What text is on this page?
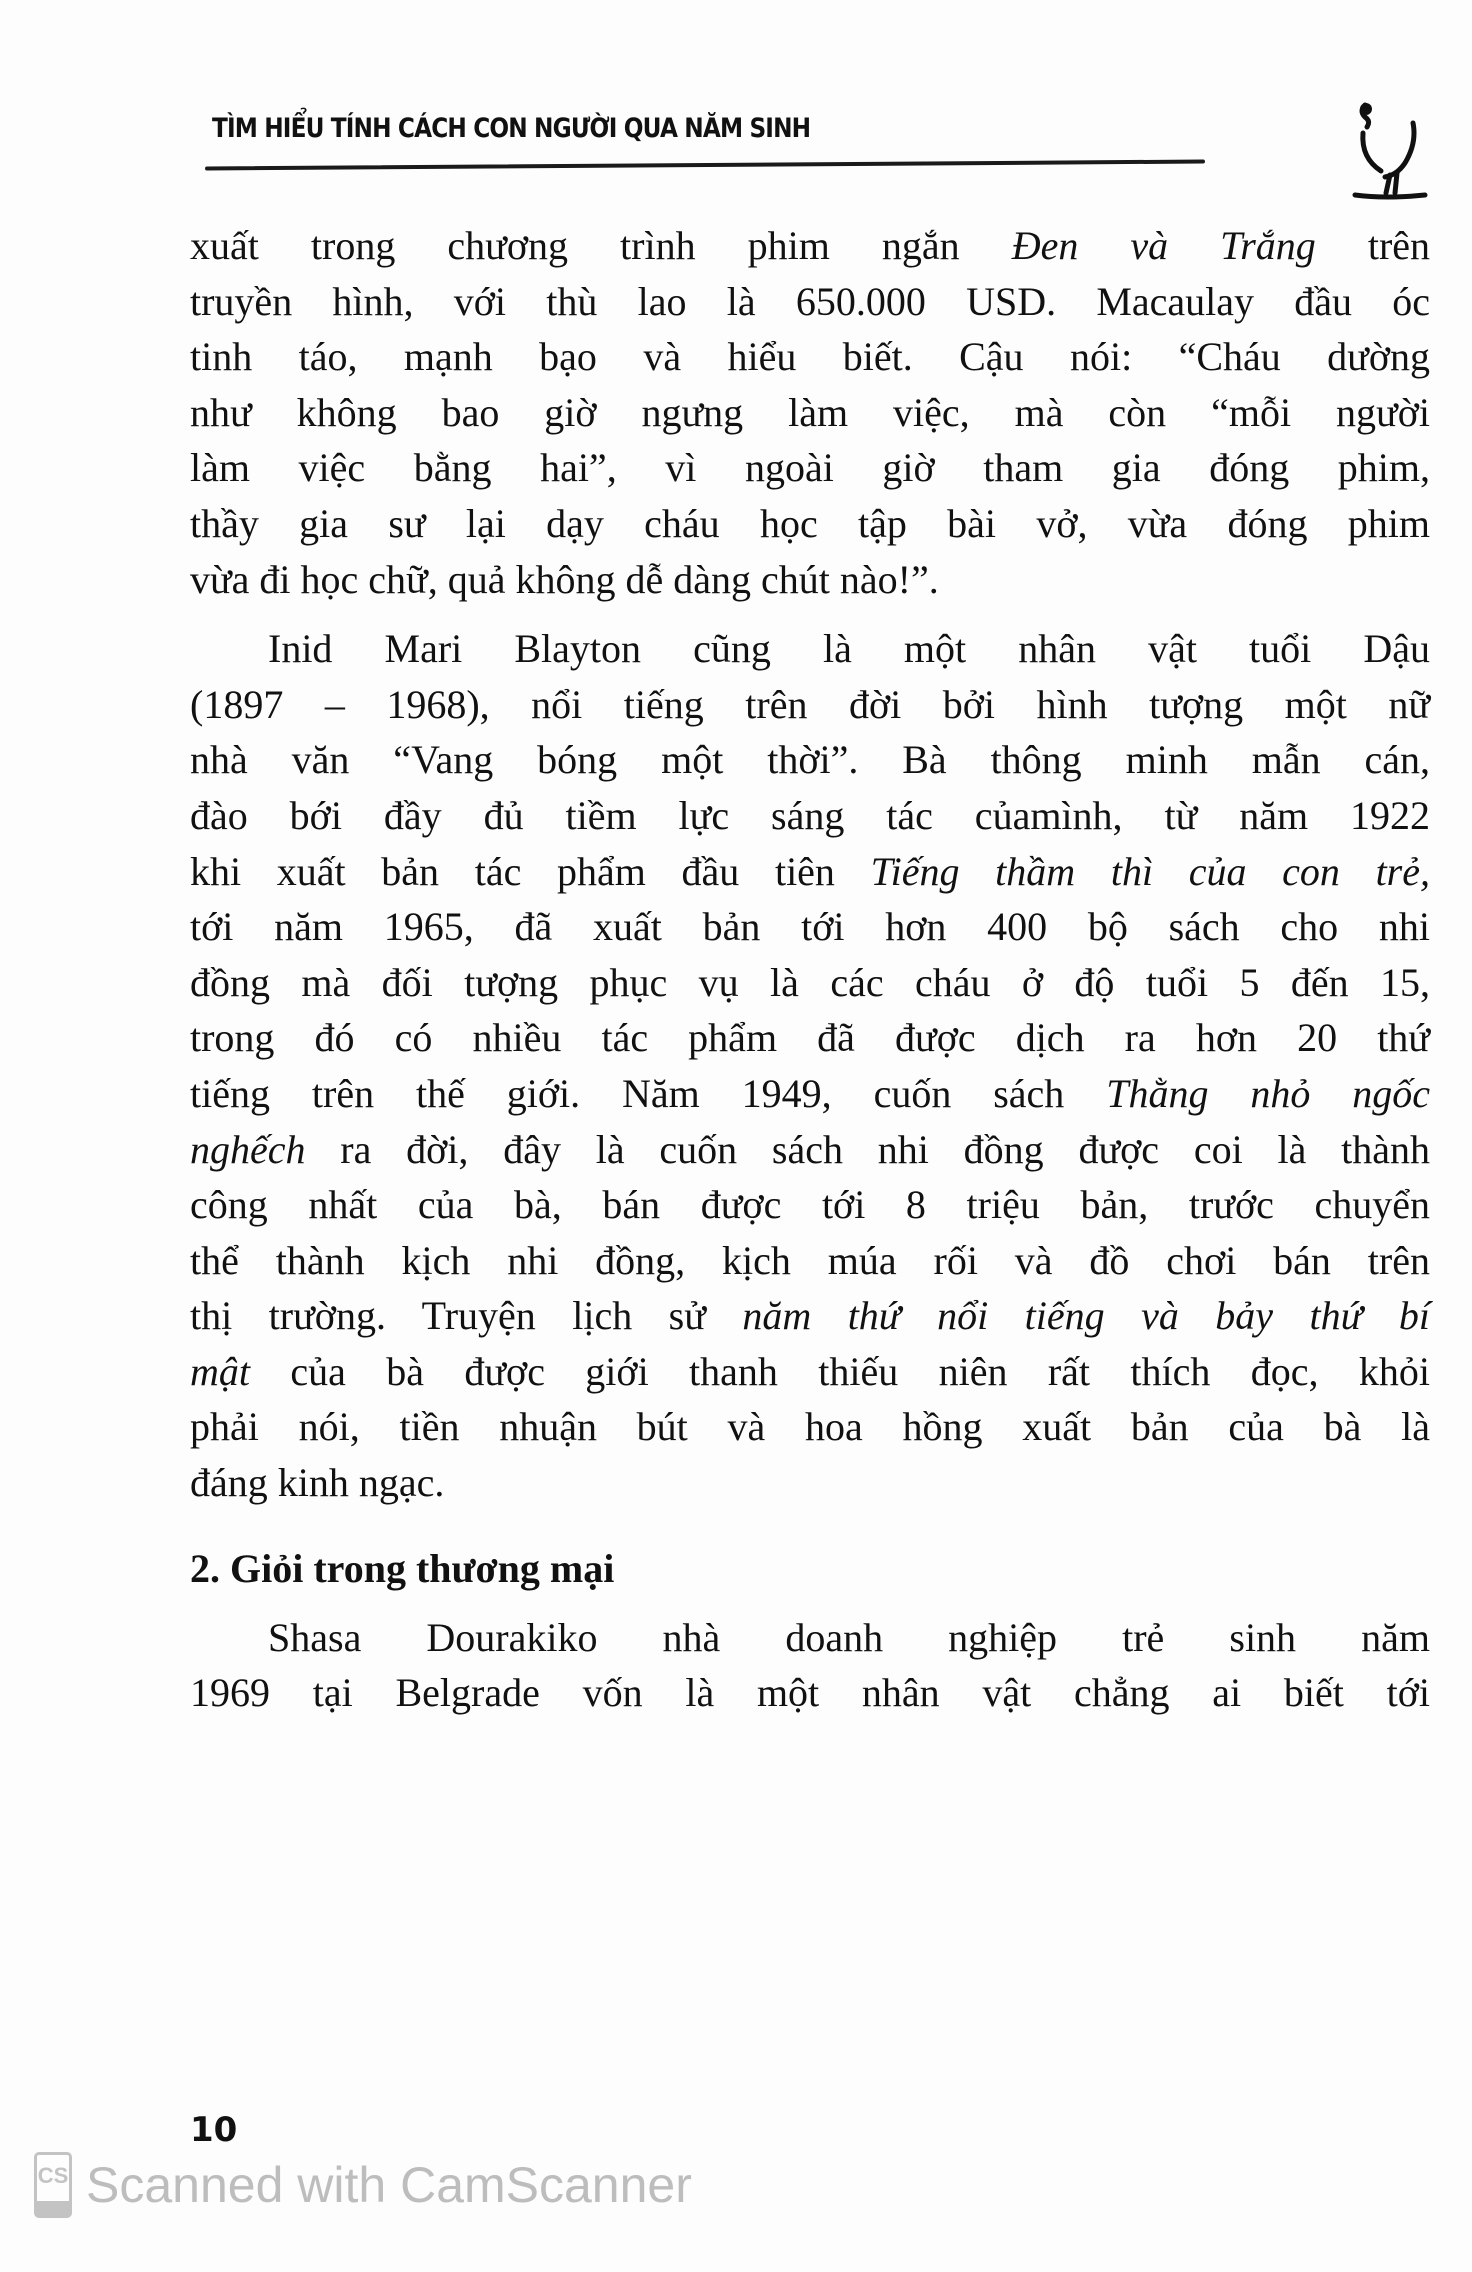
TÌM HIỂU TÍNH CÁCH CON NGƯỜI QUA NĂM SINH
xuất trong chương trình phim ngắn Đen và Trắng trên
truyền hình, với thù lao là 650.000 USD. Macaulay đầu óc
tinh táo, mạnh bạo và hiểu biết. Cậu nói: “Cháu dường
như không bao giờ ngưng làm việc, mà còn “mỗi người
làm việc bằng hai”, vì ngoài giờ tham gia đóng phim,
thầy gia sư lại dạy cháu học tập bài vở, vừa đóng phim
vừa đi học chữ, quả không dễ dàng chút nào!”.
Inid Mari Blayton cũng là một nhân vật tuổi Dậu
(1897 – 1968), nổi tiếng trên đời bởi hình tượng một nữ
nhà văn “Vang bóng một thời”. Bà thông minh mẫn cán,
đào bới đầy đủ tiềm lực sáng tác củamình, từ năm 1922
khi xuất bản tác phẩm đầu tiên Tiếng thầm thì của con trẻ,
tới năm 1965, đã xuất bản tới hơn 400 bộ sách cho nhi
đồng mà đối tượng phục vụ là các cháu ở độ tuổi 5 đến 15,
trong đó có nhiều tác phẩm đã được dịch ra hơn 20 thứ
tiếng trên thế giới. Năm 1949, cuốn sách Thằng nhỏ ngốc
nghếch ra đời, đây là cuốn sách nhi đồng được coi là thành
công nhất của bà, bán được tới 8 triệu bản, trước chuyển
thể thành kịch nhi đồng, kịch múa rối và đồ chơi bán trên
thị trường. Truyện lịch sử năm thứ nổi tiếng và bảy thứ bí
mật của bà được giới thanh thiếu niên rất thích đọc, khỏi
phải nói, tiền nhuận bút và hoa hồng xuất bản của bà là
đáng kinh ngạc.
2. Giỏi trong thương mại
Shasa Dourakiko nhà doanh nghiệp trẻ sinh năm
1969 tại Belgrade vốn là một nhân vật chẳng ai biết tới
10
CS Scanned with CamScanner
